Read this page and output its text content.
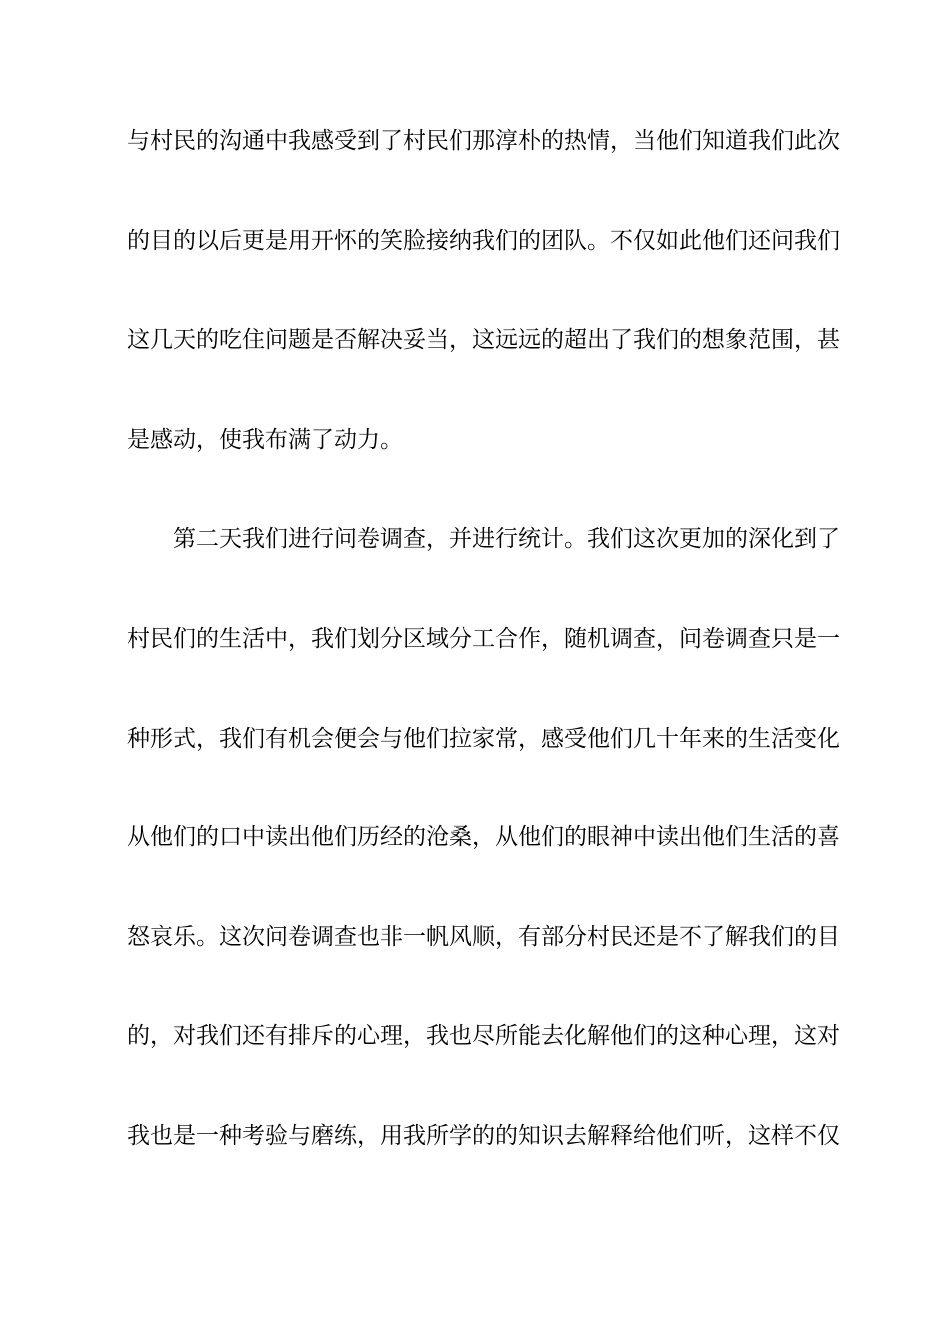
与村民的沟通中我感受到了村民们那淳朴的热情，当他们知道我们此次
的目的以后更是用开怀的笑脸接纳我们的团队。不仅如此他们还问我们
这几天的吃住问题是否解决妥当，这远远的超出了我们的想象范围，甚
是感动，使我布满了动力。
第二天我们进行问卷调查，并进行统计。我们这次更加的深化到了
村民们的生活中，我们划分区域分工合作，随机调查，问卷调查只是一
种形式，我们有机会便会与他们拉家常，感受他们几十年来的生活变化
从他们的口中读出他们历经的沧桑，从他们的眼神中读出他们生活的喜
怒哀乐。这次问卷调查也非一帆风顺，有部分村民还是不了解我们的目
的，对我们还有排斥的心理，我也尽所能去化解他们的这种心理，这对
我也是一种考验与磨练，用我所学的的知识去解释给他们听，这样不仅
